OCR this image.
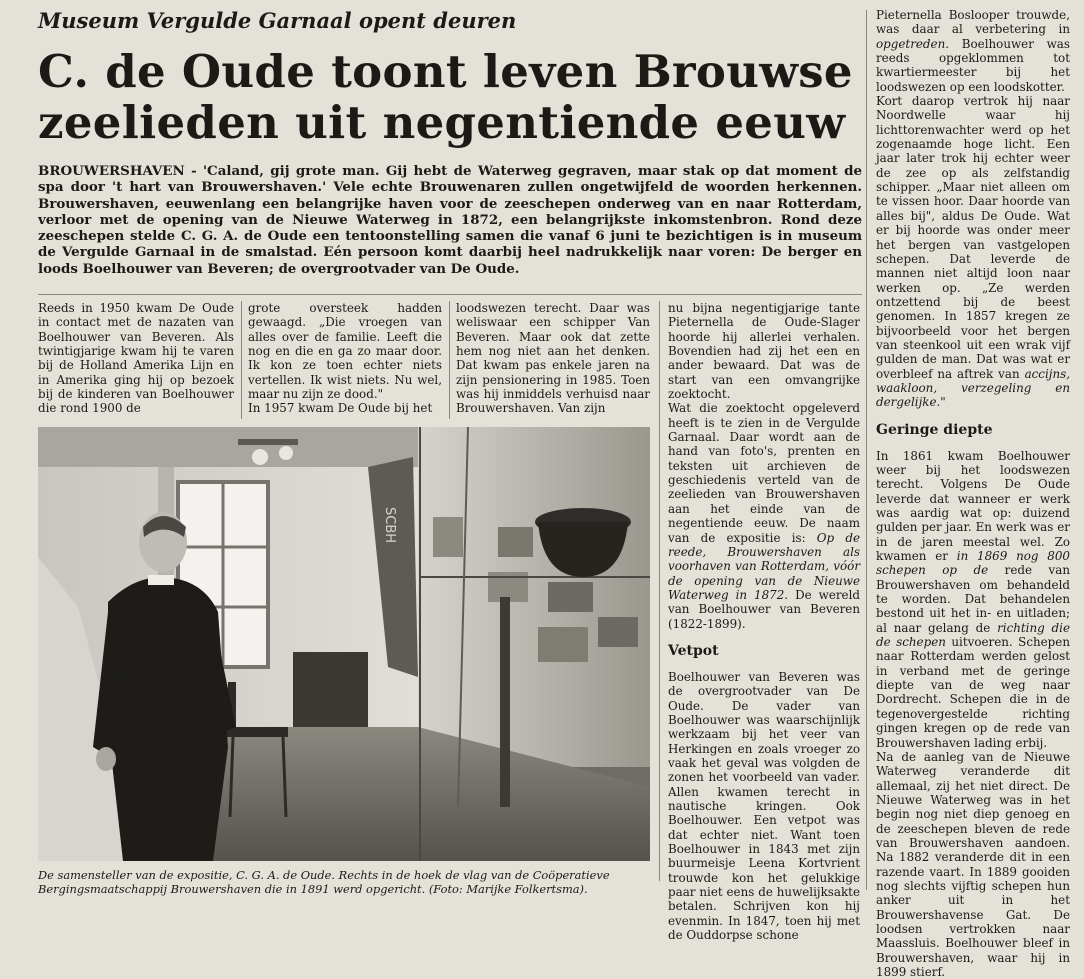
Museum Vergulde Garnaal opent deuren
C. de Oude toont leven Brouwse zeelieden uit negentiende eeuw
BROUWERSHAVEN - 'Caland, gij grote man. Gij hebt de Waterweg gegraven, maar stak op dat moment de spa door 't hart van Brouwershaven.' Vele echte Brouwenaren zullen ongetwijfeld de woorden herkennen. Brouwershaven, eeuwenlang een belangrijke haven voor de zeeschepen onderweg van en naar Rotterdam, verloor met de opening van de Nieuwe Waterweg in 1872, een belangrijkste inkomstenbron. Rond deze zeeschepen stelde C. G. A. de Oude een tentoonstelling samen die vanaf 6 juni te bezichtigen is in museum de Vergulde Garnaal in de smalstad. Eén persoon komt daarbij heel nadrukkelijk naar voren: De berger en loods Boelhouwer van Beveren; de overgrootvader van De Oude.

Reeds in 1950 kwam De Oude in contact met de nazaten van Boelhouwer van Beveren. Als twintigjarige kwam hij te varen bij de Holland Amerika Lijn en in Amerika ging hij op bezoek bij de kinderen van Boelhouwer die rond 1900 de

grote oversteek hadden gewaagd. „Die vroegen van alles over de familie. Leeft die nog en die en ga zo maar door. Ik kon ze toen echter niets vertellen. Ik wist niets. Nu wel, maar nu zijn ze dood."

In 1957 kwam De Oude bij het

loodswezen terecht. Daar was weliswaar een schipper Van Beveren. Maar ook dat zette hem nog niet aan het denken. Dat kwam pas enkele jaren na zijn pensionering in 1985. Toen was hij inmiddels verhuisd naar Brouwershaven. Van zijn

nu bijna negentigjarige tante Pieternella de Oude-Slager hoorde hij allerlei verhalen. Bovendien had zij het een en ander bewaard. Dat was de start van een omvangrijke zoektocht.

Wat die zoektocht opgeleverd heeft is te zien in de Vergulde Garnaal. Daar wordt aan de hand van foto's, prenten en teksten uit archieven de geschiedenis verteld van de zeelieden van Brouwershaven aan het einde van de negentiende eeuw. De naam van de expositie is: Op de reede, Brouwershaven als voorhaven van Rotterdam, vóór de opening van de Nieuwe Waterweg in 1872. De wereld van Boelhouwer van Beveren (1822-1899).

Vetpot

Boelhouwer van Beveren was de overgrootvader van De Oude. De vader van Boelhouwer was waarschijnlijk werkzaam bij het veer van Herkingen en zoals vroeger zo vaak het geval was volgden de zonen het voorbeeld van vader. Allen kwamen terecht in nautische kringen. Ook Boelhouwer. Een vetpot was dat echter niet. Want toen Boelhouwer in 1843 met zijn buurmeisje Leena Kortvrient trouwde kon het gelukkige paar niet eens de huwelijksakte betalen. Schrijven kon hij evenmin. In 1847, toen hij met de Ouddorpse schone

Pieternella Boslooper trouwde, was daar al verbetering in opgetreden. Boelhouwer was reeds opgeklommen tot kwartiermeester bij het loodswezen op een loodskotter.

Kort daarop vertrok hij naar Noordwelle waar hij lichttorenwachter werd op het zogenaamde hoge licht. Een jaar later trok hij echter weer de zee op als zelfstandig schipper. „Maar niet alleen om te vissen hoor. Daar hoorde van alles bij", aldus De Oude. Wat er bij hoorde was onder meer het bergen van vastgelopen schepen. Dat leverde de mannen niet altijd loon naar werken op. „Ze werden ontzettend bij de beest genomen. In 1857 kregen ze bijvoorbeeld voor het bergen van steenkool uit een wrak vijf gulden de man. Dat was wat er overbleef na aftrek van accijns, waakloon, verzegeling en dergelijke."

Geringe diepte

In 1861 kwam Boelhouwer weer bij het loodswezen terecht. Volgens De Oude leverde dat wanneer er werk was aardig wat op: duizend gulden per jaar. En werk was er in de jaren meestal wel. Zo kwamen er in 1869 nog 800 schepen op de rede van Brouwershaven om behandeld te worden. Dat behandelen bestond uit het in- en uitladen; al naar gelang de richting die de schepen uitvoeren. Schepen naar Rotterdam werden gelost in verband met de geringe diepte van de weg naar Dordrecht. Schepen die in de tegenovergestelde richting gingen kregen op de rede van Brouwershaven lading erbij.

Na de aanleg van de Nieuwe Waterweg veranderde dit allemaal, zij het niet direct. De Nieuwe Waterweg was in het begin nog niet diep genoeg en de zeeschepen bleven de rede van Brouwershaven aandoen. Na 1882 veranderde dit in een razende vaart. In 1889 gooiden nog slechts vijftig schepen hun anker uit in het Brouwershavense Gat. De loodsen vertrokken naar Maassluis. Boelhouwer bleef in Brouwershaven, waar hij in 1899 stierf.

SCBH
De samensteller van de expositie, C. G. A. de Oude. Rechts in de hoek de vlag van de Coöperatieve Bergingsmaatschappij Brouwershaven die in 1891 werd opgericht. (Foto: Marijke Folkertsma).
